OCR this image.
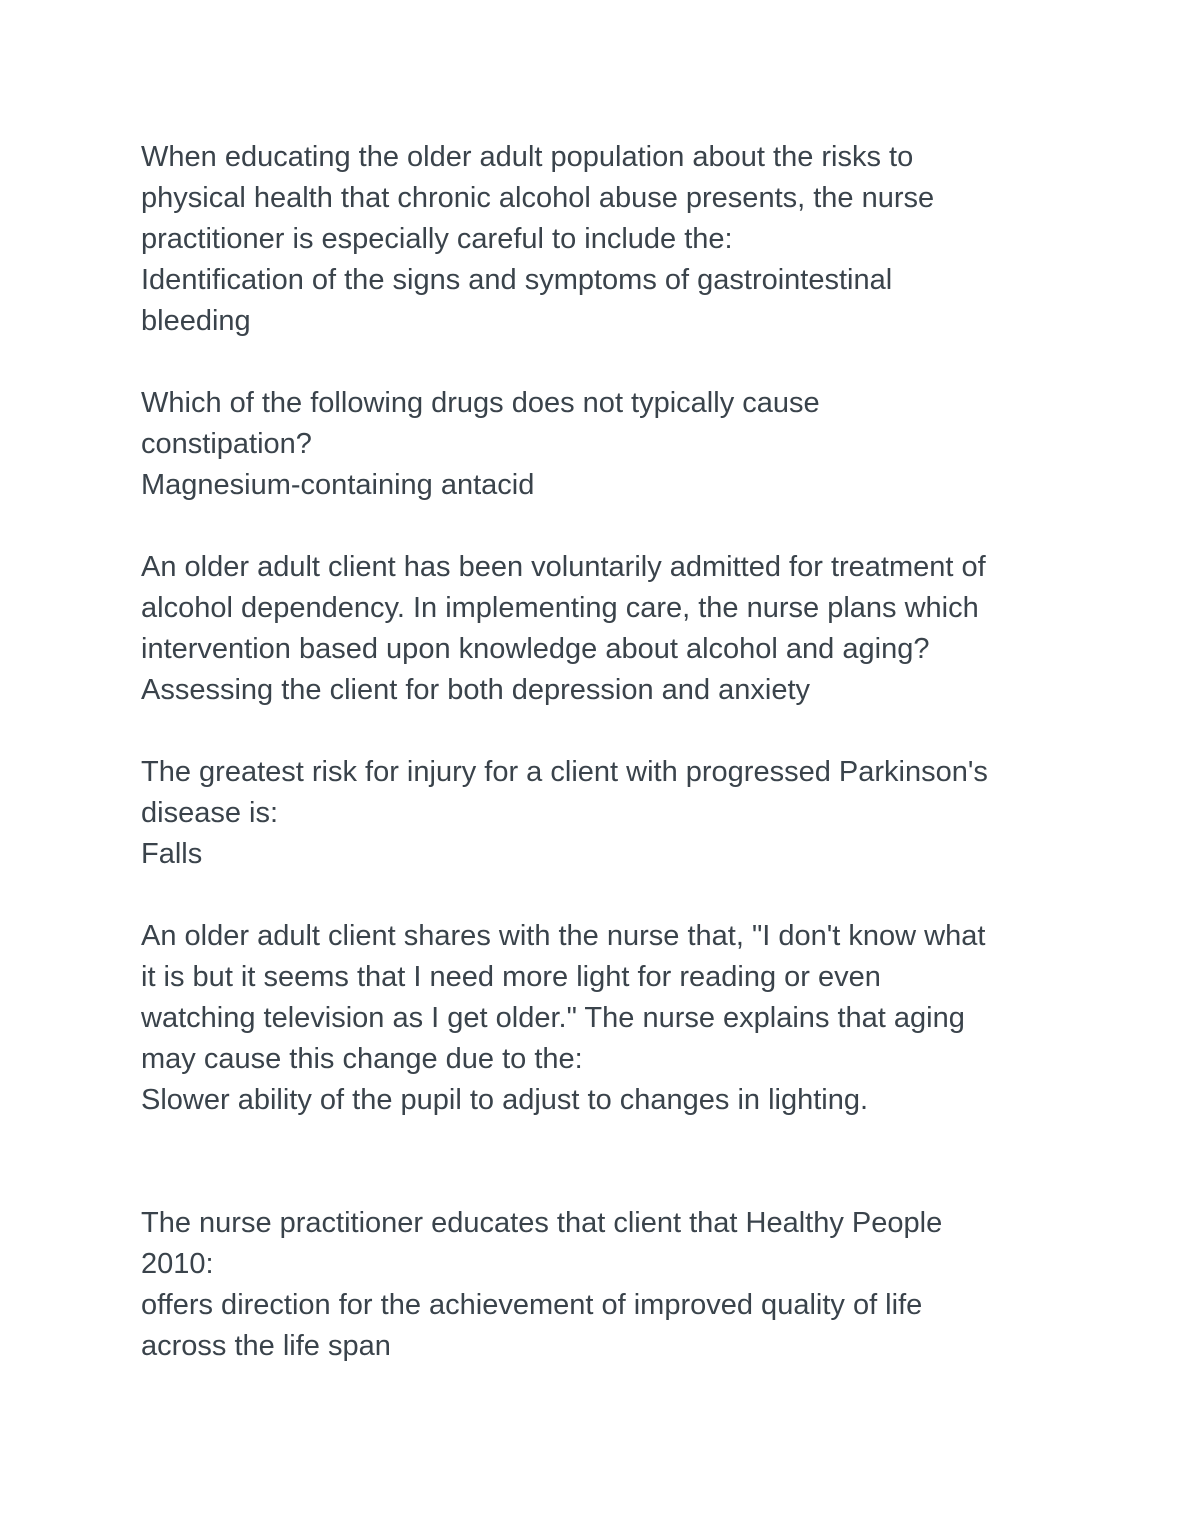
When educating the older adult population about the risks to
physical health that chronic alcohol abuse presents, the nurse
practitioner is especially careful to include the:
Identification of the signs and symptoms of gastrointestinal
bleeding
Which of the following drugs does not typically cause
constipation?
Magnesium-containing antacid
An older adult client has been voluntarily admitted for treatment of
alcohol dependency. In implementing care, the nurse plans which
intervention based upon knowledge about alcohol and aging?
Assessing the client for both depression and anxiety
The greatest risk for injury for a client with progressed Parkinson's
disease is:
Falls
An older adult client shares with the nurse that, "I don't know what
it is but it seems that I need more light for reading or even
watching television as I get older." The nurse explains that aging
may cause this change due to the:
Slower ability of the pupil to adjust to changes in lighting.
The nurse practitioner educates that client that Healthy People
2010:
offers direction for the achievement of improved quality of life
across the life span
